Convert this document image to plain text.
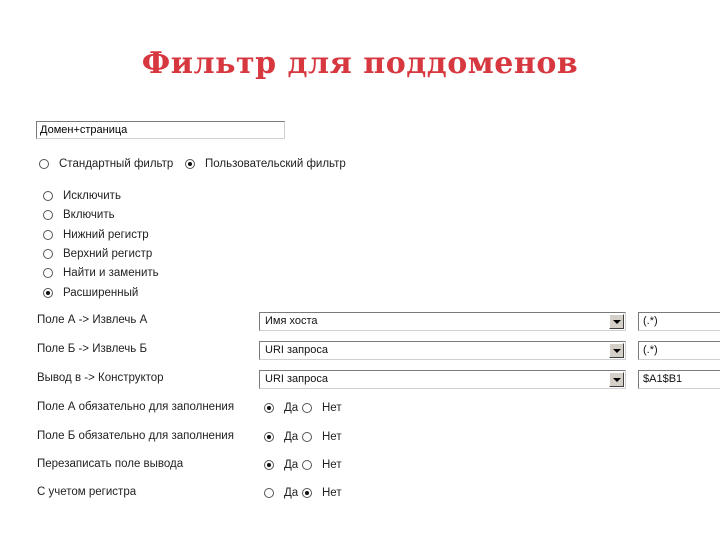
Фильтр для поддоменов
Домен+страница
Стандартный фильтр	Пользовательский фильтр
Исключить
Включить
Нижний регистр
Верхний регистр
Найти и заменить
Расширенный
Поле А -> Извлечь А	Имя хоста	(.*)
Поле Б -> Извлечь Б	URI запроса	(.*)
Вывод в -> Конструктор	URI запроса	$A1$B1
Поле А обязательно для заполнения	Да Нет
Поле Б обязательно для заполнения	Да Нет
Перезаписать поле вывода	Да Нет
С учетом регистра	Да Нет
